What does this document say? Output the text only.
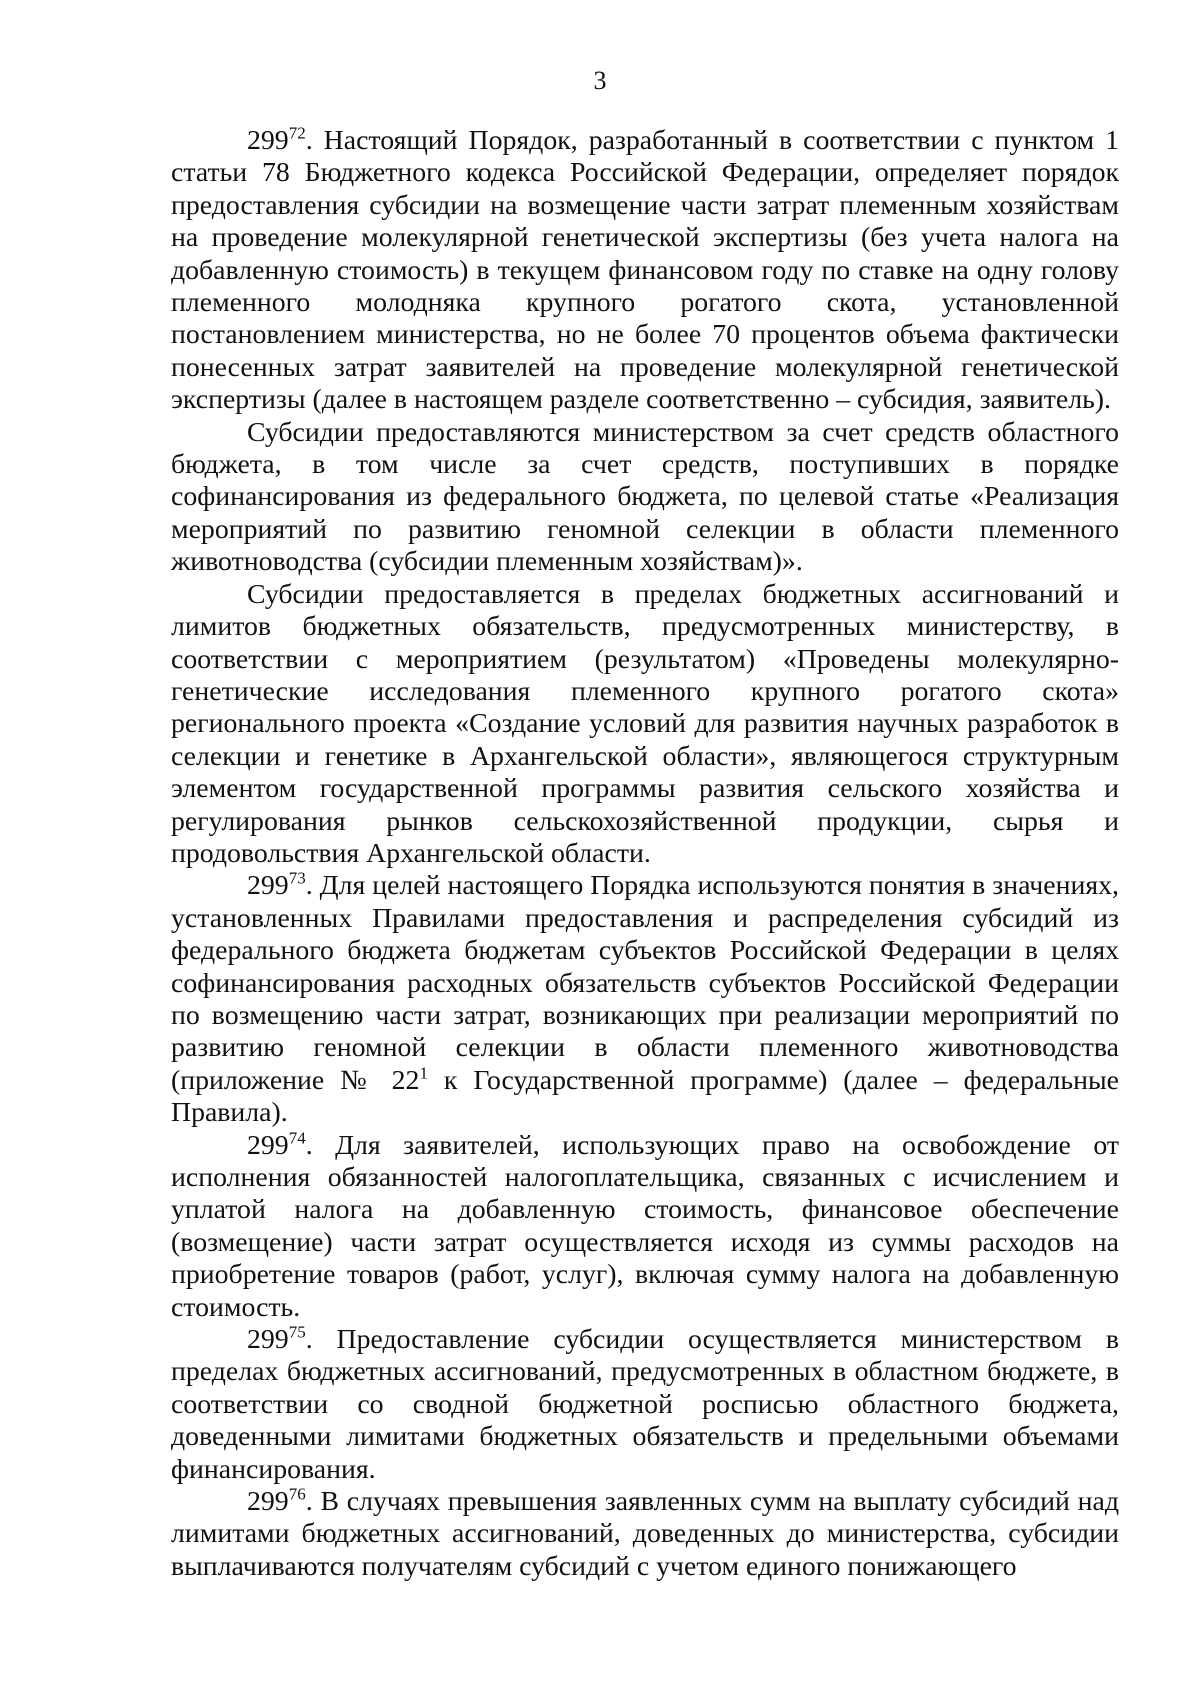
3

$299^{72}$. Настоящий Порядок, разработанный в соответствии с пунктом 1 статьи 78 Бюджетного кодекса Российской Федерации, определяет порядок предоставления субсидии на возмещение части затрат племенным хозяйствам на проведение молекулярной генетической экспертизы (без учета налога на добавленную стоимость) в текущем финансовом году по ставке на одну голову племенного молодняка крупного рогатого скота, установленной постановлением министерства, но не более 70 процентов объема фактически понесенных затрат заявителей на проведение молекулярной генетической экспертизы (далее в настоящем разделе соответственно – субсидия, заявитель).

Субсидии предоставляются министерством за счет средств областного бюджета, в том числе за счет средств, поступивших в порядке софинансирования из федерального бюджета, по целевой статье «Реализация мероприятий по развитию геномной селекции в области племенного животноводства (субсидии племенным хозяйствам)».

Субсидии предоставляется в пределах бюджетных ассигнований и лимитов бюджетных обязательств, предусмотренных министерству, в соответствии с мероприятием (результатом) «Проведены молекулярно-генетические исследования племенного крупного рогатого скота» регионального проекта «Создание условий для развития научных разработок в селекции и генетике в Архангельской области», являющегося структурным элементом государственной программы развития сельского хозяйства и регулирования рынков сельскохозяйственной продукции, сырья и продовольствия Архангельской области.

$299^{73}$. Для целей настоящего Порядка используются понятия в значениях, установленных Правилами предоставления и распределения субсидий из федерального бюджета бюджетам субъектов Российской Федерации в целях софинансирования расходных обязательств субъектов Российской Федерации по возмещению части затрат, возникающих при реализации мероприятий по развитию геномной селекции в области племенного животноводства (приложение № $22^1$ к Государственной программе) (далее – федеральные Правила).

$299^{74}$. Для заявителей, использующих право на освобождение от исполнения обязанностей налогоплательщика, связанных с исчислением и уплатой налога на добавленную стоимость, финансовое обеспечение (возмещение) части затрат осуществляется исходя из суммы расходов на приобретение товаров (работ, услуг), включая сумму налога на добавленную стоимость.

$299^{75}$. Предоставление субсидии осуществляется министерством в пределах бюджетных ассигнований, предусмотренных в областном бюджете, в соответствии со сводной бюджетной росписью областного бюджета, доведенными лимитами бюджетных обязательств и предельными объемами финансирования.

$299^{76}$. В случаях превышения заявленных сумм на выплату субсидий над лимитами бюджетных ассигнований, доведенных до министерства, субсидии выплачиваются получателям субсидий с учетом единого понижающего
